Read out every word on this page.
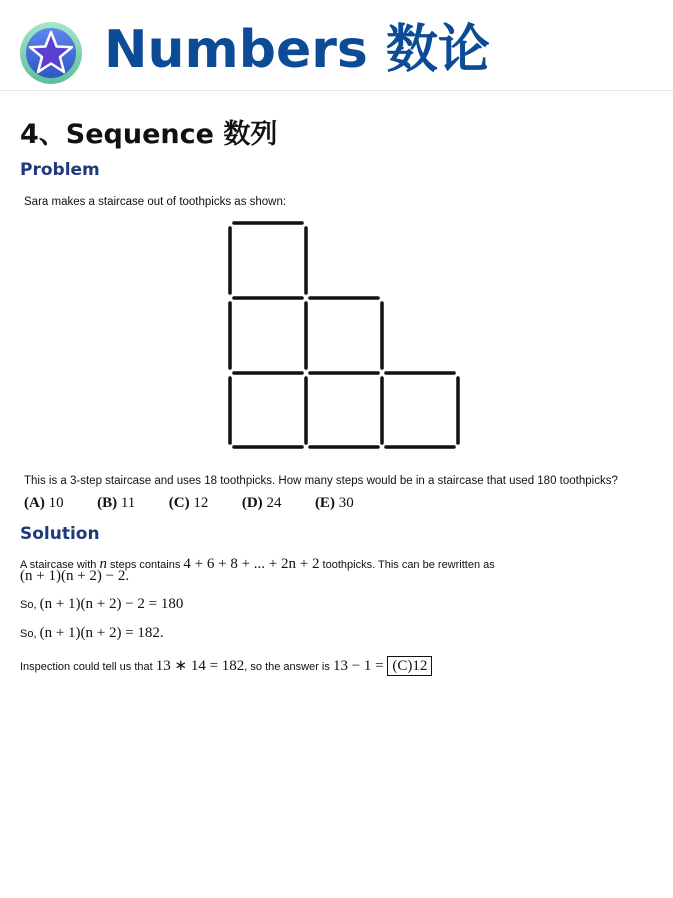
Numbers 数论
4、Sequence 数列
Problem
Sara makes a staircase out of toothpicks as shown:
This is a 3-step staircase and uses 18 toothpicks. How many steps would be in a staircase that used 180 toothpicks?
(A) 10 (B) 11 (C) 12 (D) 24 (E) 30
Solution
A staircase with n steps contains 4 + 6 + 8 + ... + 2n + 2 toothpicks. This can be rewritten as
(n + 1)(n + 2) − 2.
So, (n + 1)(n + 2) − 2 = 180
So, (n + 1)(n + 2) = 182.
Inspection could tell us that 13 ∗ 14 = 182, so the answer is 13 − 1 = (C)12
